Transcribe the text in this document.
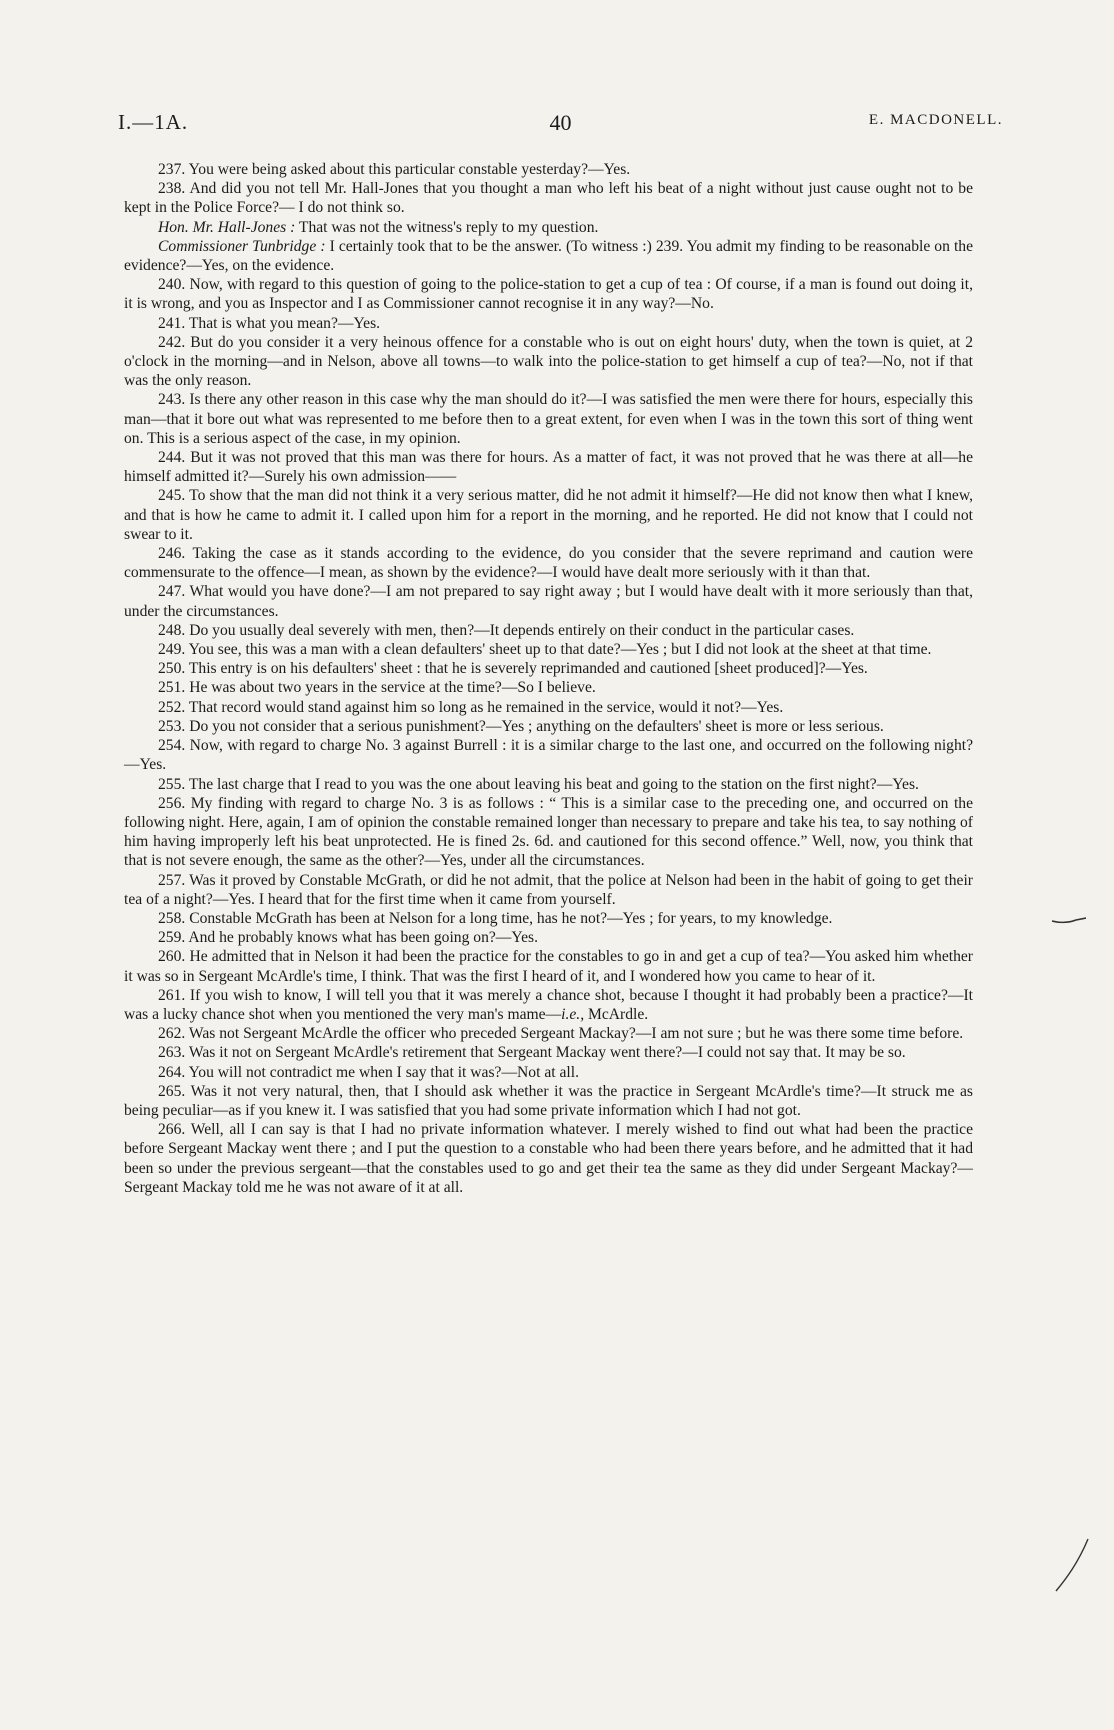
I.—1A.	40	E. MACDONELL.

237. You were being asked about this particular constable yesterday?—Yes.

238. And did you not tell Mr. Hall-Jones that you thought a man who left his beat of a night without just cause ought not to be kept in the Police Force?— I do not think so.

Hon. Mr. Hall-Jones : That was not the witness's reply to my question.

Commissioner Tunbridge : I certainly took that to be the answer. (To witness :) 239. You admit my finding to be reasonable on the evidence?—Yes, on the evidence.

240. Now, with regard to this question of going to the police-station to get a cup of tea : Of course, if a man is found out doing it, it is wrong, and you as Inspector and I as Commissioner cannot recognise it in any way?—No.

241. That is what you mean?—Yes.

242. But do you consider it a very heinous offence for a constable who is out on eight hours' duty, when the town is quiet, at 2 o'clock in the morning—and in Nelson, above all towns—to walk into the police-station to get himself a cup of tea?—No, not if that was the only reason.

243. Is there any other reason in this case why the man should do it?—I was satisfied the men were there for hours, especially this man—that it bore out what was represented to me before then to a great extent, for even when I was in the town this sort of thing went on. This is a serious aspect of the case, in my opinion.

244. But it was not proved that this man was there for hours. As a matter of fact, it was not proved that he was there at all—he himself admitted it?—Surely his own admission——

245. To show that the man did not think it a very serious matter, did he not admit it himself?—He did not know then what I knew, and that is how he came to admit it. I called upon him for a report in the morning, and he reported. He did not know that I could not swear to it.

246. Taking the case as it stands according to the evidence, do you consider that the severe reprimand and caution were commensurate to the offence—I mean, as shown by the evidence?—I would have dealt more seriously with it than that.

247. What would you have done?—I am not prepared to say right away ; but I would have dealt with it more seriously than that, under the circumstances.

248. Do you usually deal severely with men, then?—It depends entirely on their conduct in the particular cases.

249. You see, this was a man with a clean defaulters' sheet up to that date?—Yes ; but I did not look at the sheet at that time.

250. This entry is on his defaulters' sheet : that he is severely reprimanded and cautioned [sheet produced]?—Yes.

251. He was about two years in the service at the time?—So I believe.

252. That record would stand against him so long as he remained in the service, would it not?—Yes.

253. Do you not consider that a serious punishment?—Yes ; anything on the defaulters' sheet is more or less serious.

254. Now, with regard to charge No. 3 against Burrell : it is a similar charge to the last one, and occurred on the following night?—Yes.

255. The last charge that I read to you was the one about leaving his beat and going to the station on the first night?—Yes.

256. My finding with regard to charge No. 3 is as follows : “ This is a similar case to the preceding one, and occurred on the following night. Here, again, I am of opinion the constable remained longer than necessary to prepare and take his tea, to say nothing of him having improperly left his beat unprotected. He is fined 2s. 6d. and cautioned for this second offence.” Well, now, you think that that is not severe enough, the same as the other?—Yes, under all the circumstances.

257. Was it proved by Constable McGrath, or did he not admit, that the police at Nelson had been in the habit of going to get their tea of a night?—Yes. I heard that for the first time when it came from yourself.

258. Constable McGrath has been at Nelson for a long time, has he not?—Yes ; for years, to my knowledge.

259. And he probably knows what has been going on?—Yes.

260. He admitted that in Nelson it had been the practice for the constables to go in and get a cup of tea?—You asked him whether it was so in Sergeant McArdle's time, I think. That was the first I heard of it, and I wondered how you came to hear of it.

261. If you wish to know, I will tell you that it was merely a chance shot, because I thought it had probably been a practice?—It was a lucky chance shot when you mentioned the very man's mame—i.e., McArdle.

262. Was not Sergeant McArdle the officer who preceded Sergeant Mackay?—I am not sure ; but he was there some time before.

263. Was it not on Sergeant McArdle's retirement that Sergeant Mackay went there?—I could not say that. It may be so.

264. You will not contradict me when I say that it was?—Not at all.

265. Was it not very natural, then, that I should ask whether it was the practice in Sergeant McArdle's time?—It struck me as being peculiar—as if you knew it. I was satisfied that you had some private information which I had not got.

266. Well, all I can say is that I had no private information whatever. I merely wished to find out what had been the practice before Sergeant Mackay went there ; and I put the question to a constable who had been there years before, and he admitted that it had been so under the previous sergeant—that the constables used to go and get their tea the same as they did under Sergeant Mackay?—Sergeant Mackay told me he was not aware of it at all.
